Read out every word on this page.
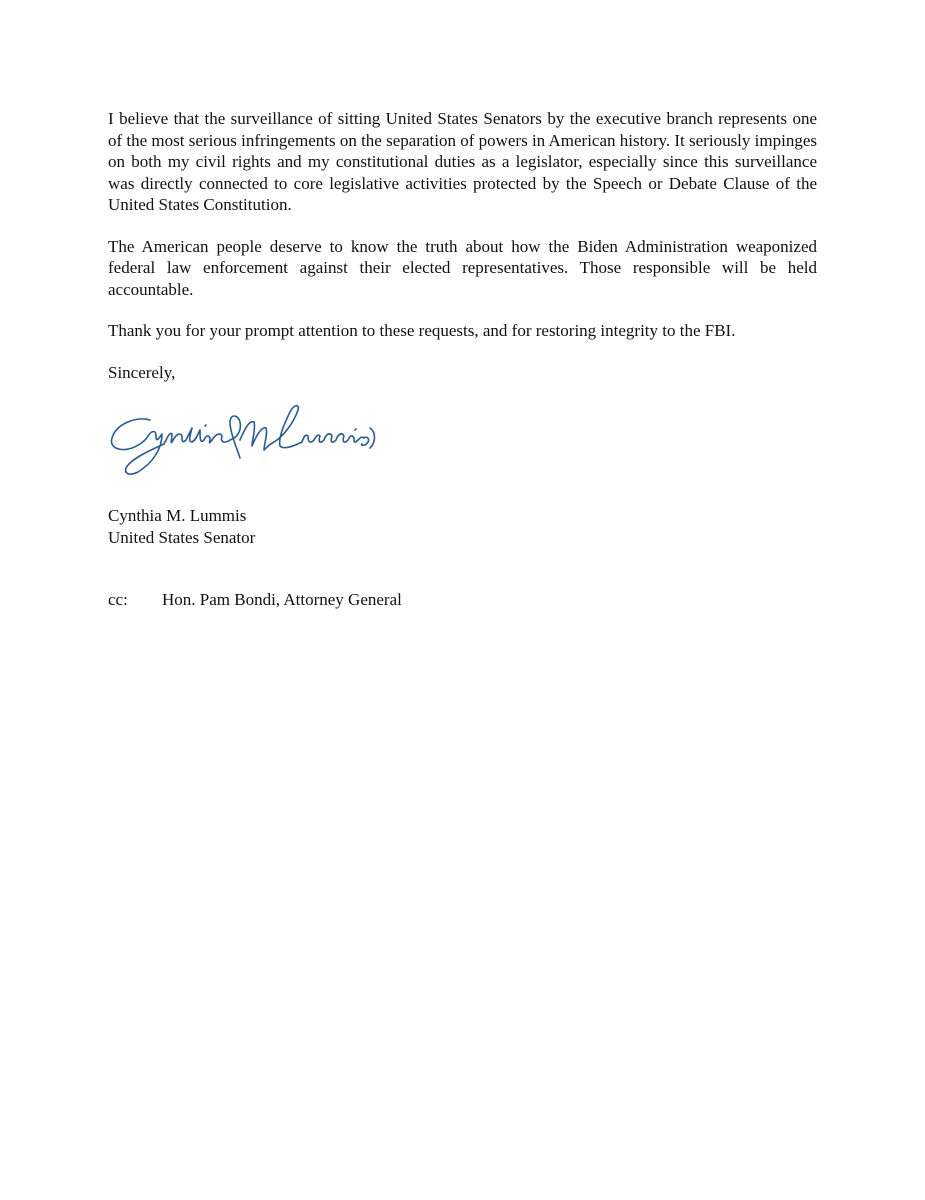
I believe that the surveillance of sitting United States Senators by the executive branch represents one of the most serious infringements on the separation of powers in American history. It seriously impinges on both my civil rights and my constitutional duties as a legislator, especially since this surveillance was directly connected to core legislative activities protected by the Speech or Debate Clause of the United States Constitution.

The American people deserve to know the truth about how the Biden Administration weaponized federal law enforcement against their elected representatives. Those responsible will be held accountable.

Thank you for your prompt attention to these requests, and for restoring integrity to the FBI.

Sincerely,

Cynthia M. Lummis
United States Senator
cc:	Hon. Pam Bondi, Attorney General
